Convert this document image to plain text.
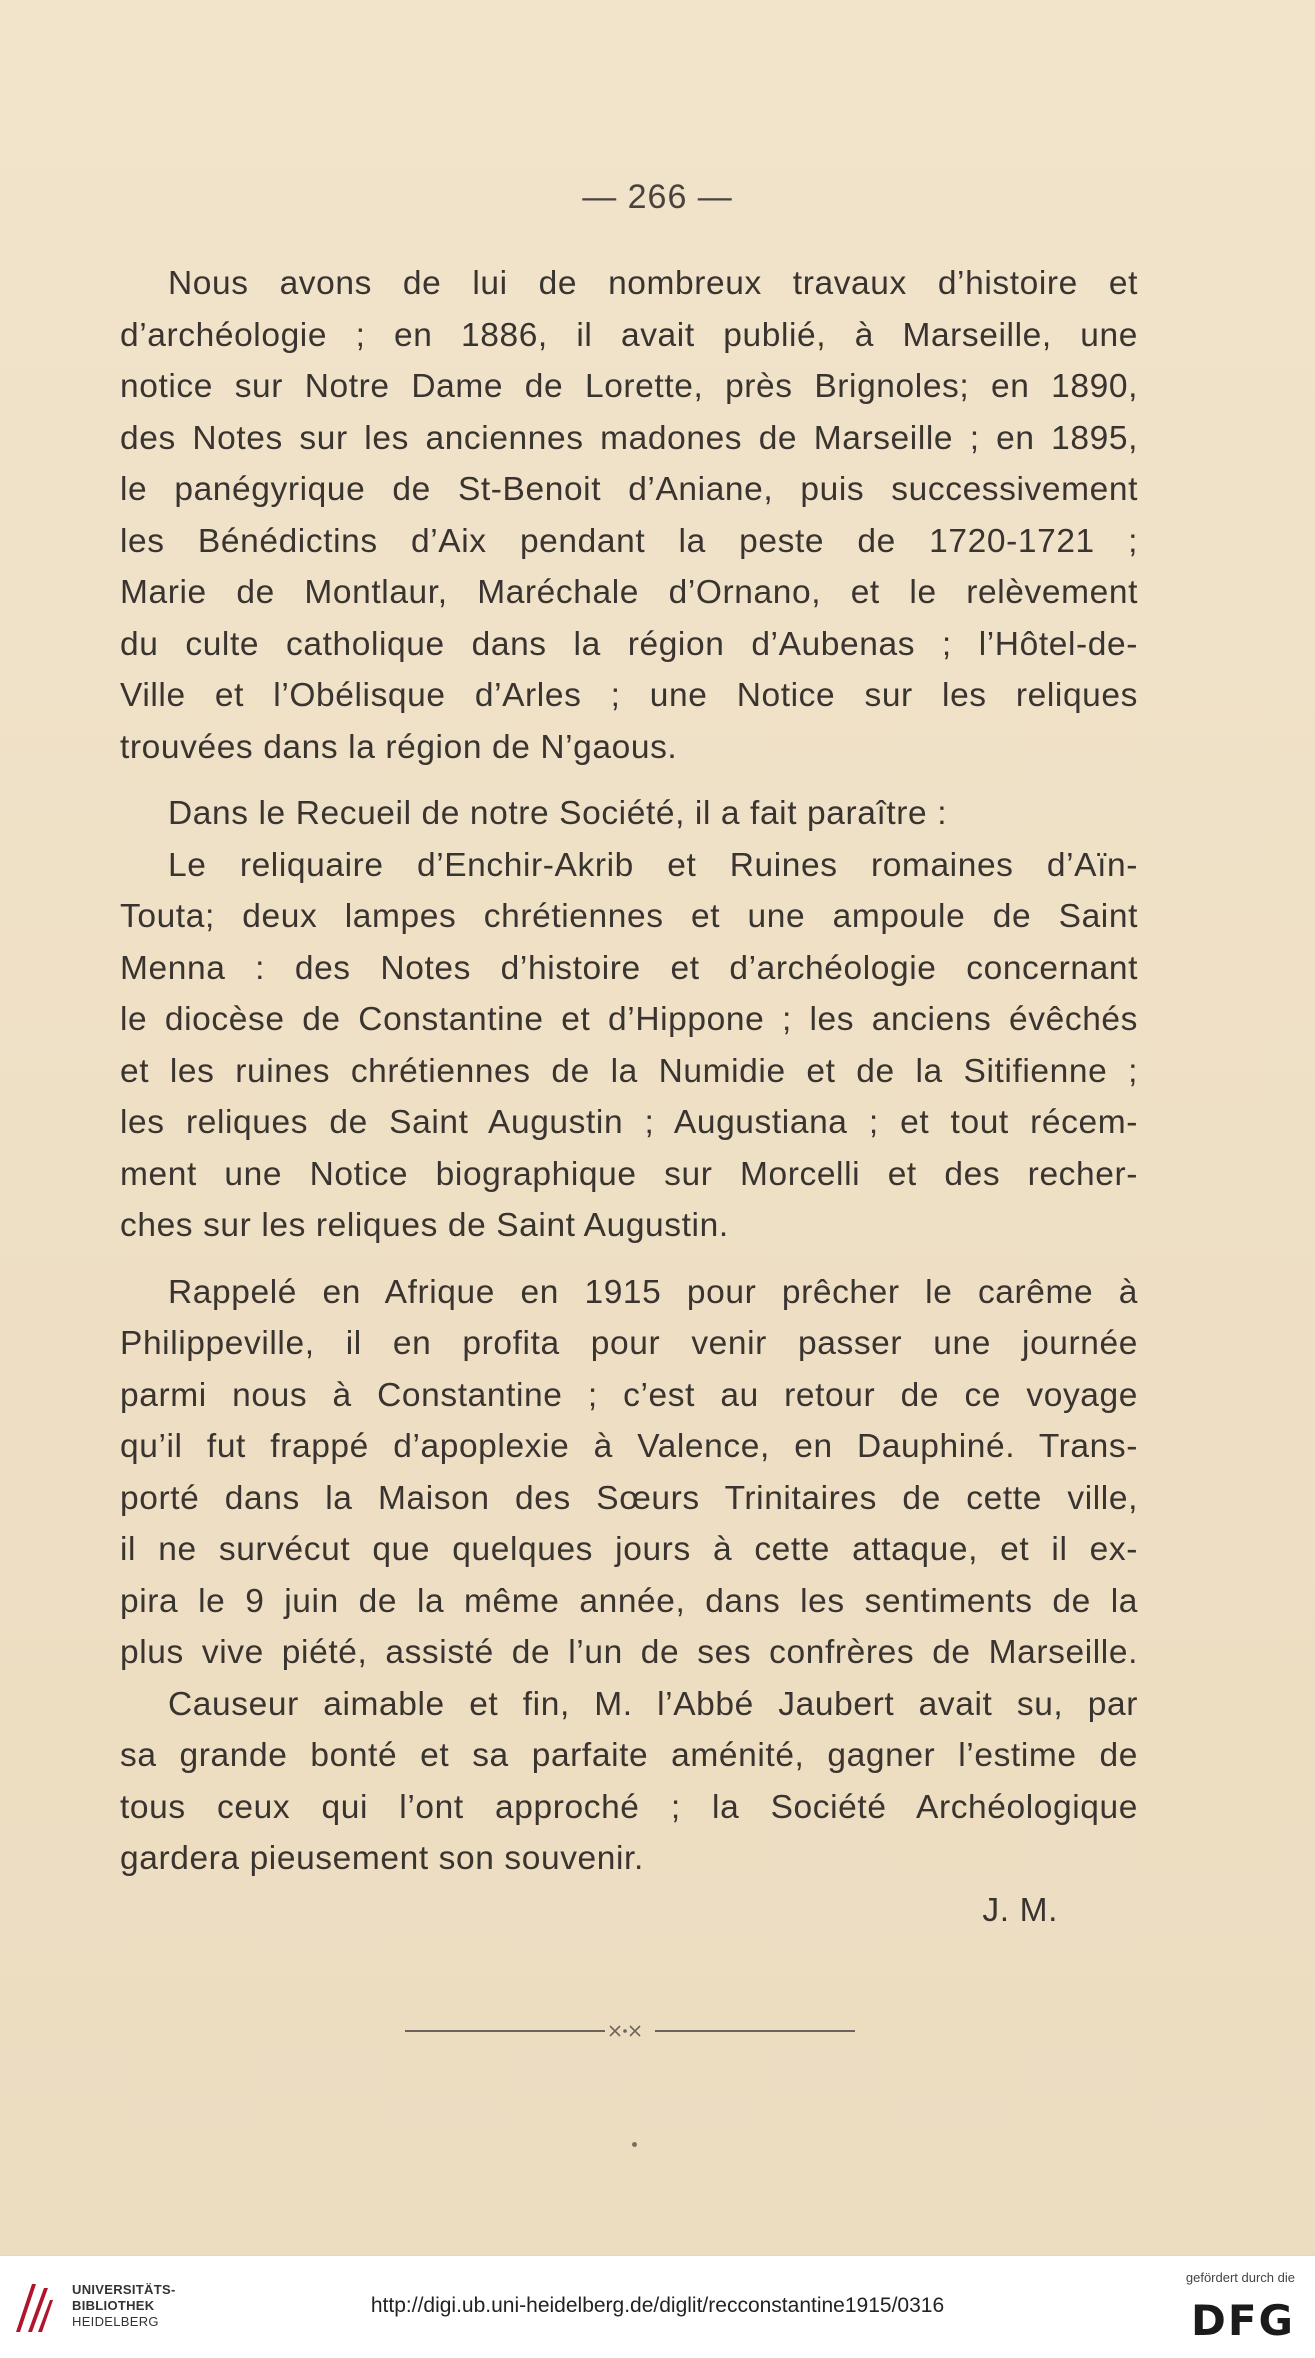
— 266 —
Nous avons de lui de nombreux travaux d’histoire et
d’archéologie ; en 1886, il avait publié, à Marseille, une
notice sur Notre Dame de Lorette, près Brignoles; en 1890,
des Notes sur les anciennes madones de Marseille ; en 1895,
le panégyrique de St-Benoit d’Aniane, puis successivement
les Bénédictins d’Aix pendant la peste de 1720-1721 ;
Marie de Montlaur, Maréchale d’Ornano, et le relèvement
du culte catholique dans la région d’Aubenas ; l’Hôtel-de-
Ville et l’Obélisque d’Arles ; une Notice sur les reliques
trouvées dans la région de N’gaous.
Dans le Recueil de notre Société, il a fait paraître :
Le reliquaire d’Enchir-Akrib et Ruines romaines d’Aïn-
Touta; deux lampes chrétiennes et une ampoule de Saint
Menna : des Notes d’histoire et d’archéologie concernant
le diocèse de Constantine et d’Hippone ; les anciens évêchés
et les ruines chrétiennes de la Numidie et de la Sitifienne ;
les reliques de Saint Augustin ; Augustiana ; et tout récem-
ment une Notice biographique sur Morcelli et des recher-
ches sur les reliques de Saint Augustin.
Rappelé en Afrique en 1915 pour prêcher le carême à
Philippeville, il en profita pour venir passer une journée
parmi nous à Constantine ; c’est au retour de ce voyage
qu’il fut frappé d’apoplexie à Valence, en Dauphiné. Trans-
porté dans la Maison des Sœurs Trinitaires de cette ville,
il ne survécut que quelques jours à cette attaque, et il ex-
pira le 9 juin de la même année, dans les sentiments de la
plus vive piété, assisté de l’un de ses confrères de Marseille.
Causeur aimable et fin, M. l’Abbé Jaubert avait su, par
sa grande bonté et sa parfaite aménité, gagner l’estime de
tous ceux qui l’ont approché ; la Société Archéologique
gardera pieusement son souvenir.
J. M.
UNIVERSITÄTS-
BIBLIOTHEK
HEIDELBERG
http://digi.ub.uni-heidelberg.de/diglit/recconstantine1915/0316
gefördert durch die
DFG
